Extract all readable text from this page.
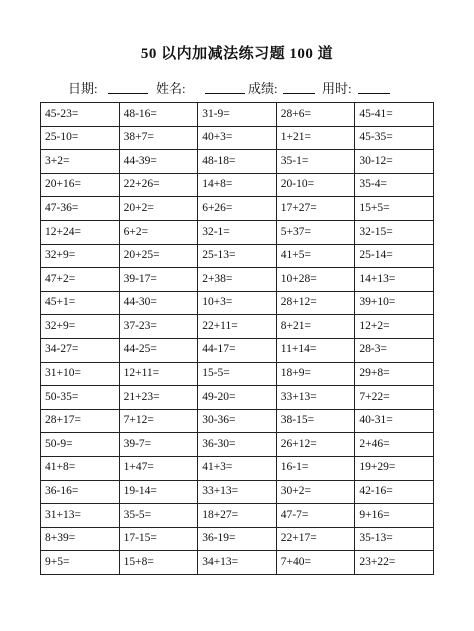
50 以内加减法练习题 100 道
日期:	姓名:	成绩:	用时:
45-23=	48-16=	31-9=	28+6=	45-41=
25-10=	38+7=	40+3=	1+21=	45-35=
3+2=	44-39=	48-18=	35-1=	30-12=
20+16=	22+26=	14+8=	20-10=	35-4=
47-36=	20+2=	6+26=	17+27=	15+5=
12+24=	6+2=	32-1=	5+37=	32-15=
32+9=	20+25=	25-13=	41+5=	25-14=
47+2=	39-17=	2+38=	10+28=	14+13=
45+1=	44-30=	10+3=	28+12=	39+10=
32+9=	37-23=	22+11=	8+21=	12+2=
34-27=	44-25=	44-17=	11+14=	28-3=
31+10=	12+11=	15-5=	18+9=	29+8=
50-35=	21+23=	49-20=	33+13=	7+22=
28+17=	7+12=	30-36=	38-15=	40-31=
50-9=	39-7=	36-30=	26+12=	2+46=
41+8=	1+47=	41+3=	16-1=	19+29=
36-16=	19-14=	33+13=	30+2=	42-16=
31+13=	35-5=	18+27=	47-7=	9+16=
8+39=	17-15=	36-19=	22+17=	35-13=
9+5=	15+8=	34+13=	7+40=	23+22=
